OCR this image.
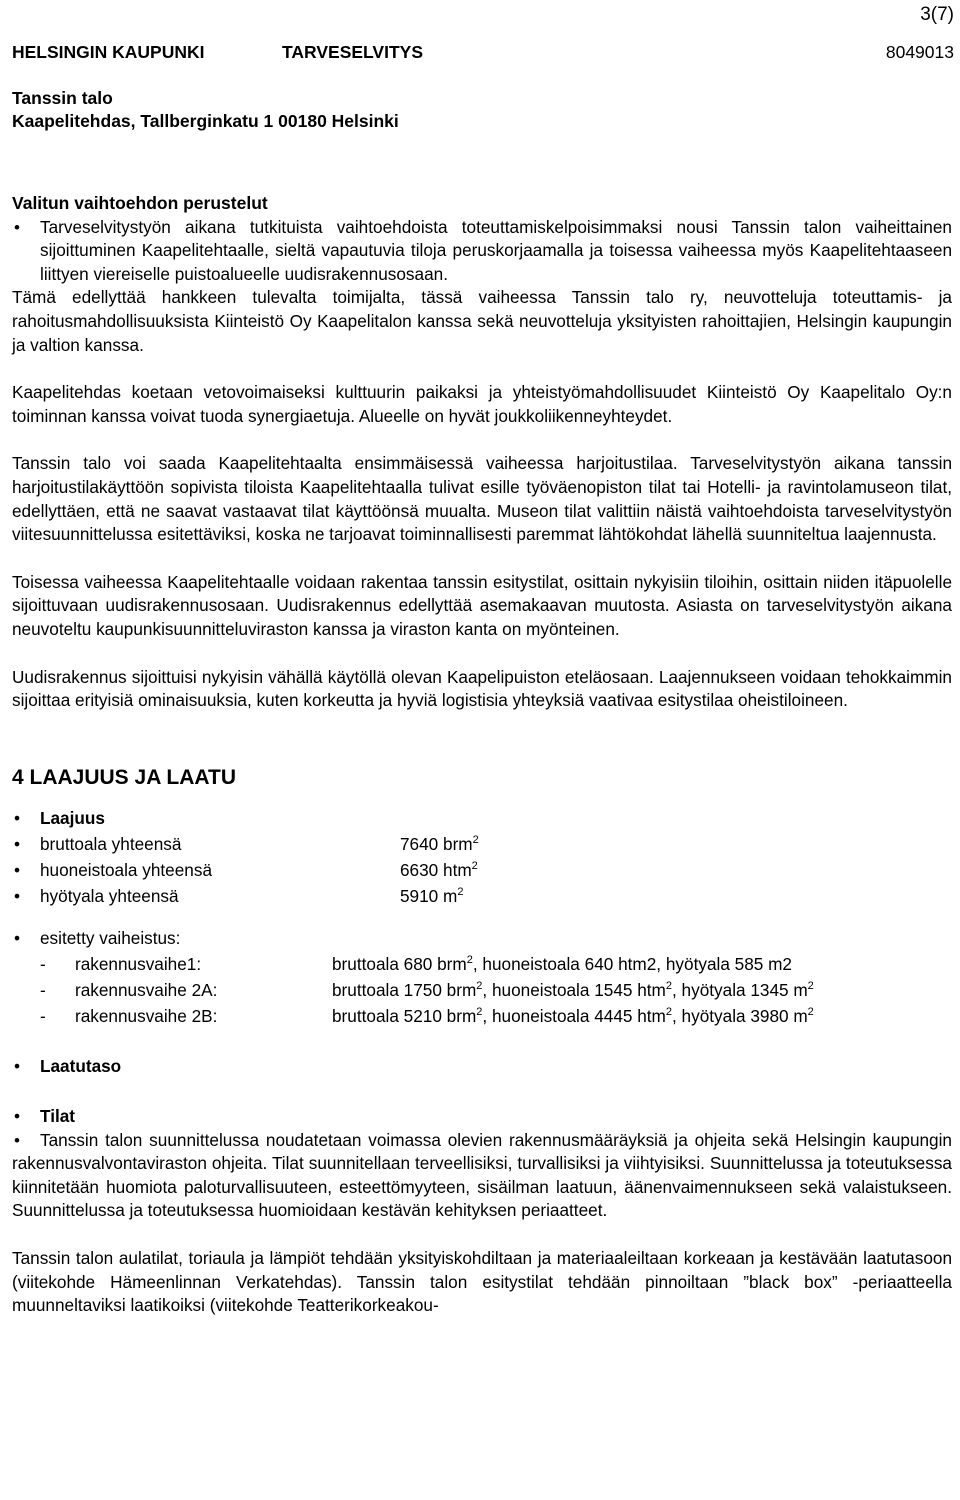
3(7)
HELSINGIN KAUPUNKI	TARVESELVITYS	8049013
Tanssin talo
Kaapelitehdas, Tallberginkatu 1 00180 Helsinki
Valitun vaihtoehdon perustelut
• Tarveselvitystyön aikana tutkituista vaihtoehdoista toteuttamiskelpoisimmaksi nousi Tanssin talon vaiheittainen sijoittuminen Kaapelitehtaalle, sieltä vapautuvia tiloja peruskorjaamalla ja toisessa vaiheessa myös Kaapelitehtaaseen liittyen viereiselle puistoalueelle uudisrakennusosaan.

Tämä edellyttää hankkeen tulevalta toimijalta, tässä vaiheessa Tanssin talo ry, neuvotteluja toteuttamis- ja rahoitusmahdollisuuksista Kiinteistö Oy Kaapelitalon kanssa sekä neuvotteluja yksityisten rahoittajien, Helsingin kaupungin ja valtion kanssa.

Kaapelitehdas koetaan vetovoimaiseksi kulttuurin paikaksi ja yhteistyömahdollisuudet Kiinteistö Oy Kaapelitalo Oy:n toiminnan kanssa voivat tuoda synergiaetuja. Alueelle on hyvät joukkoliikenneyhteydet.

Tanssin talo voi saada Kaapelitehtaalta ensimmäisessä vaiheessa harjoitustilaa. Tarveselvitystyön aikana tanssin harjoitustilakäyttöön sopivista tiloista Kaapelitehtaalla tulivat esille työväenopiston tilat tai Hotelli- ja ravintolamuseon tilat, edellyttäen, että ne saavat vastaavat tilat käyttöönsä muualta. Museon tilat valittiin näistä vaihtoehdoista tarveselvitystyön viitesuunnittelussa esitettäviksi, koska ne tarjoavat toiminnallisesti paremmat lähtökohdat lähellä suunniteltua laajennusta.

Toisessa vaiheessa Kaapelitehtaalle voidaan rakentaa tanssin esitystilat, osittain nykyisiin tiloihin, osittain niiden itäpuolelle sijoittuvaan uudisrakennusosaan. Uudisrakennus edellyttää asemakaavan muutosta. Asiasta on tarveselvitystyön aikana neuvoteltu kaupunkisuunnitteluviraston kanssa ja viraston kanta on myönteinen.

Uudisrakennus sijoittuisi nykyisin vähällä käytöllä olevan Kaapelipuiston eteläosaan. Laajennukseen voidaan tehokkaimmin sijoittaa erityisiä ominaisuuksia, kuten korkeutta ja hyviä logistisia yhteyksiä vaativaa esitystilaa oheistiloineen.

4 LAAJUUS JA LAATU
• Laajuus
• bruttoala yhteensä	7640 brm$^2$
• huoneistoala yhteensä	6630 htm$^2$
• hyötyala yhteensä	5910 $m^2$
• esitetty vaiheistus:
- rakennusvaihe1:	bruttoala 680 brm$^2$, huoneistoala 640 htm2, hyötyala 585 m2
- rakennusvaihe 2A:	bruttoala 1750 brm$^2$, huoneistoala 1545 htm$^2$, hyötyala 1345 $m^2$
- rakennusvaihe 2B:	bruttoala 5210 brm$^2$, huoneistoala 4445 htm$^2$, hyötyala 3980 $m^2$
• Laatutaso
• Tilat
• Tanssin talon suunnittelussa noudatetaan voimassa olevien rakennusmääräyksiä ja ohjeita sekä Helsingin kaupungin rakennusvalvontaviraston ohjeita. Tilat suunnitellaan terveellisiksi, turvallisiksi ja viihtyisiksi. Suunnittelussa ja toteutuksessa kiinnitetään huomiota paloturvallisuuteen, esteettömyyteen, sisäilman laatuun, äänenvaimennukseen sekä valaistukseen. Suunnittelussa ja toteutuksessa huomioidaan kestävän kehityksen periaatteet.

Tanssin talon aulatilat, toriaula ja lämpiöt tehdään yksityiskohdiltaan ja materiaaleiltaan korkeaan ja kestävään laatutasoon (viitekohde Hämeenlinnan Verkatehdas). Tanssin talon esitystilat tehdään pinnoiltaan ”black box” -periaatteella muunneltaviksi laatikoiksi (viitekohde Teatterikorkeakou-
